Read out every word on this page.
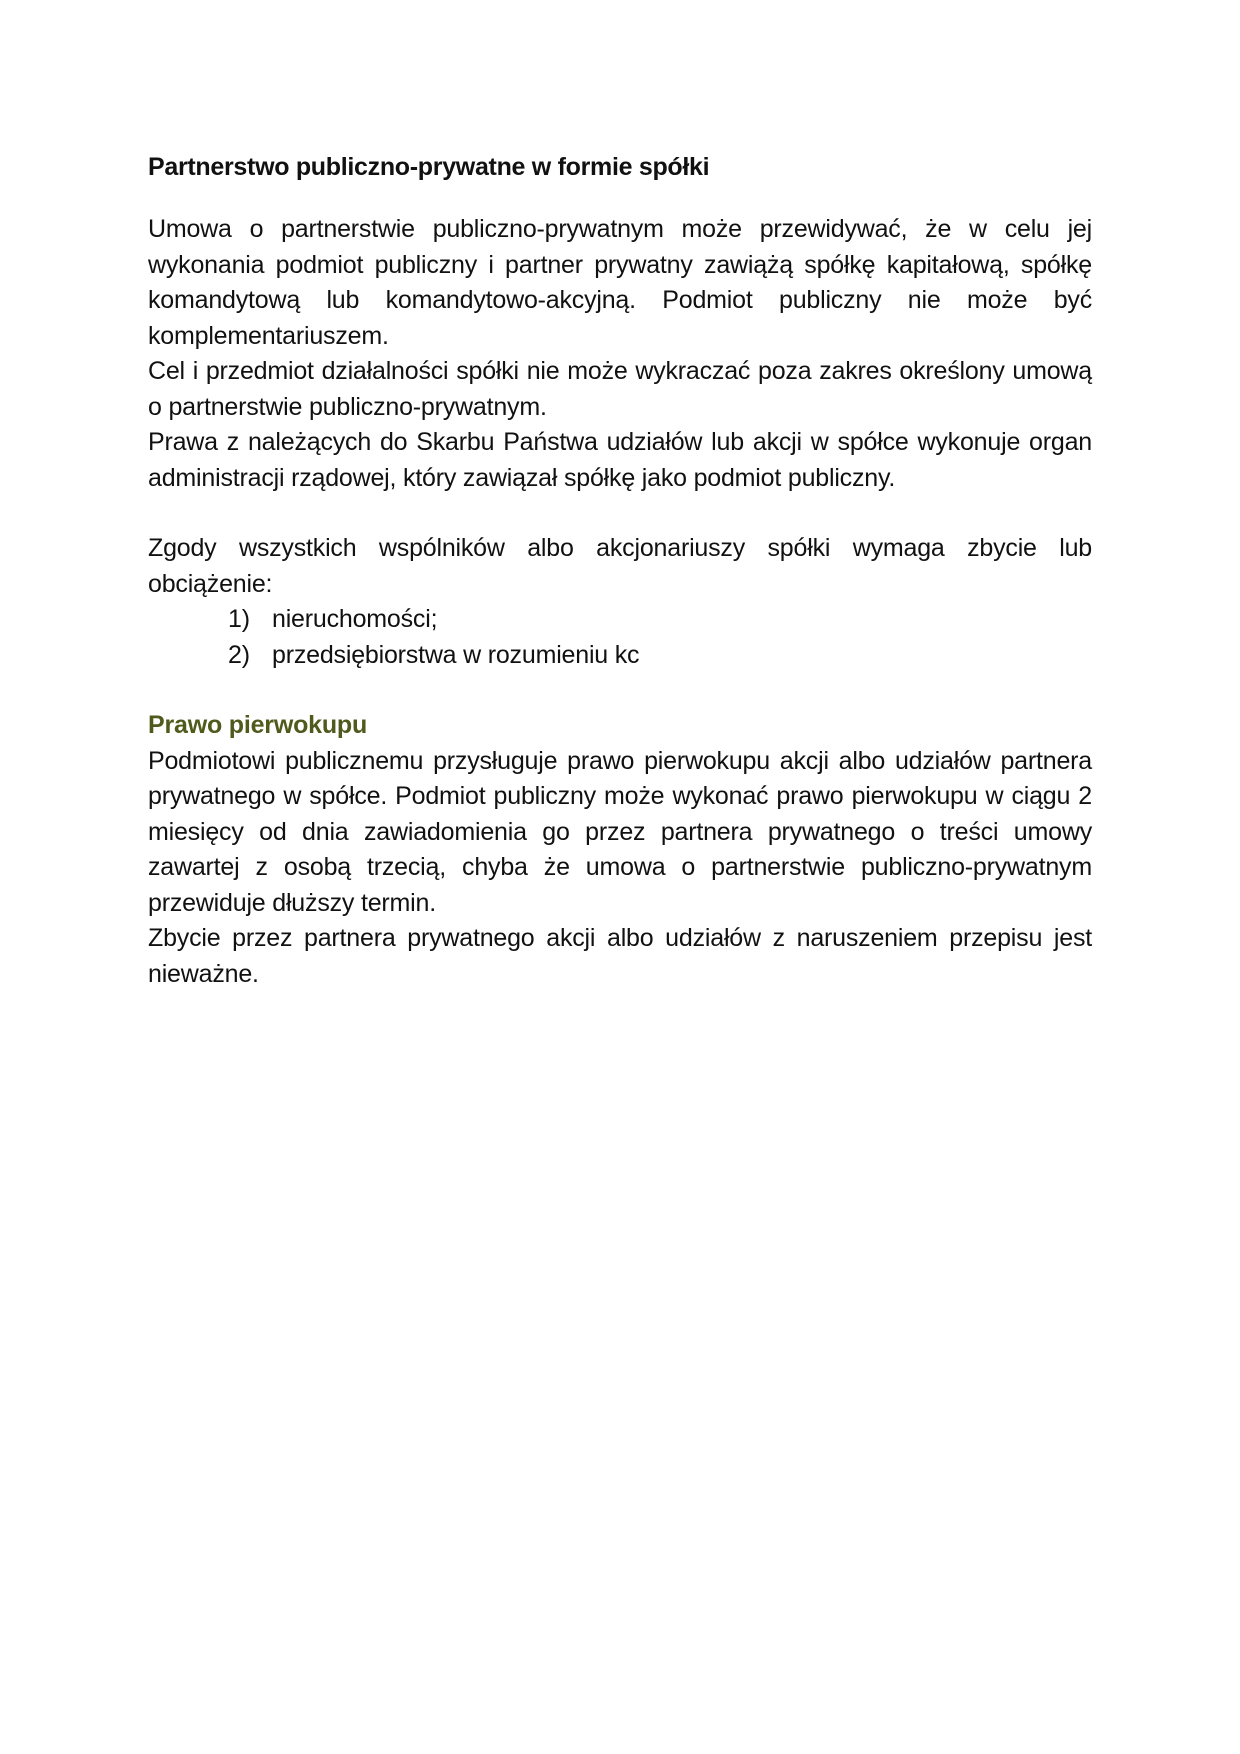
Partnerstwo publiczno-prywatne w formie spółki

Umowa o partnerstwie publiczno-prywatnym może przewidywać, że w celu jej wykonania podmiot publiczny i partner prywatny zawiążą spółkę kapitałową, spółkę komandytową lub komandytowo-akcyjną. Podmiot publiczny nie może być komplementariuszem.

Cel i przedmiot działalności spółki nie może wykraczać poza zakres określony umową o partnerstwie publiczno-prywatnym.

Prawa z należących do Skarbu Państwa udziałów lub akcji w spółce wykonuje organ administracji rządowej, który zawiązał spółkę jako podmiot publiczny.

Zgody wszystkich wspólników albo akcjonariuszy spółki wymaga zbycie lub obciążenie:

1) nieruchomości;
2) przedsiębiorstwa w rozumieniu kc
Prawo pierwokupu

Podmiotowi publicznemu przysługuje prawo pierwokupu akcji albo udziałów partnera prywatnego w spółce. Podmiot publiczny może wykonać prawo pierwokupu w ciągu 2 miesięcy od dnia zawiadomienia go przez partnera prywatnego o treści umowy zawartej z osobą trzecią, chyba że umowa o partnerstwie publiczno-prywatnym przewiduje dłuższy termin.

Zbycie przez partnera prywatnego akcji albo udziałów z naruszeniem przepisu jest nieważne.
